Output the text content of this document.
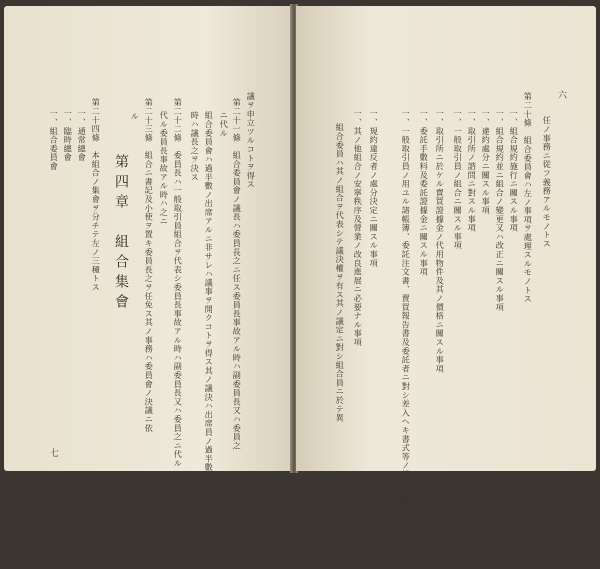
議ヲ申立ツルコトヲ得ス
第二十一條　組合委員會ノ議長ハ委員長之ニ任ス委員長事故アル時ハ副委員長又ハ委員之
ニ代ル
組合委員會ハ過半數ノ出席アルニ非サレハ議事ヲ開クコトヲ得ス其ノ議決ハ出席員ノ過半數ヲ以テ決ス可否同數ナル
時ハ議長之ヲ決ス
第二十二條　委員長ハ一般取引員組合ヲ代表シ委員長事故アル時ハ副委員長又ハ委員之ニ代ル
代ル委員長事故アル時ハ之ニ
第二十三條　組合ニ書記及小使ヲ置キ委員長之ヲ任免ス其ノ事務ハ委員會ノ決議ニ依
ル
第四章　組合集會
第二十四條　本組合ノ集會ヲ分チテ左ノ三種トス
一、通常總會
一、臨時總會
一、組合委員會
七
任ノ事務ニ從フ義務アルモノトス
第二十條　組合委員會ハ左ノ事項ヲ處理スルモノトス
一、組合規約施行ニ關スル事項
一、組合規約並ニ組合ノ變更又ハ改正ニ關スル事項
一、違約處分ニ關スル事項
一、取引所ノ諮問ニ對スル事項
一、一般取引員ノ組合ニ關スル事項
一、取引所ニ於ケル賣買證據金ノ代用物件及其ノ價格ニ關スル事項
一、委託手數料及委託證據金ニ關スル事項
一、一般取引員ノ用ユル諸帳簿、委託注文書、賣買報告書及委託者ニ對シ差入ヘキ書式等ノ樣式ニ關スル事項
一、規約違反者ノ處分決定ニ關スル事項
一、其ノ他組合ノ安寧秩序及營業ノ改良進展ニ必要ナル事項
組合委員ハ其ノ組合ヲ代表シテ議決權ヲ有ス其ノ議定ニ對シ組合員ニ於テ異
六
